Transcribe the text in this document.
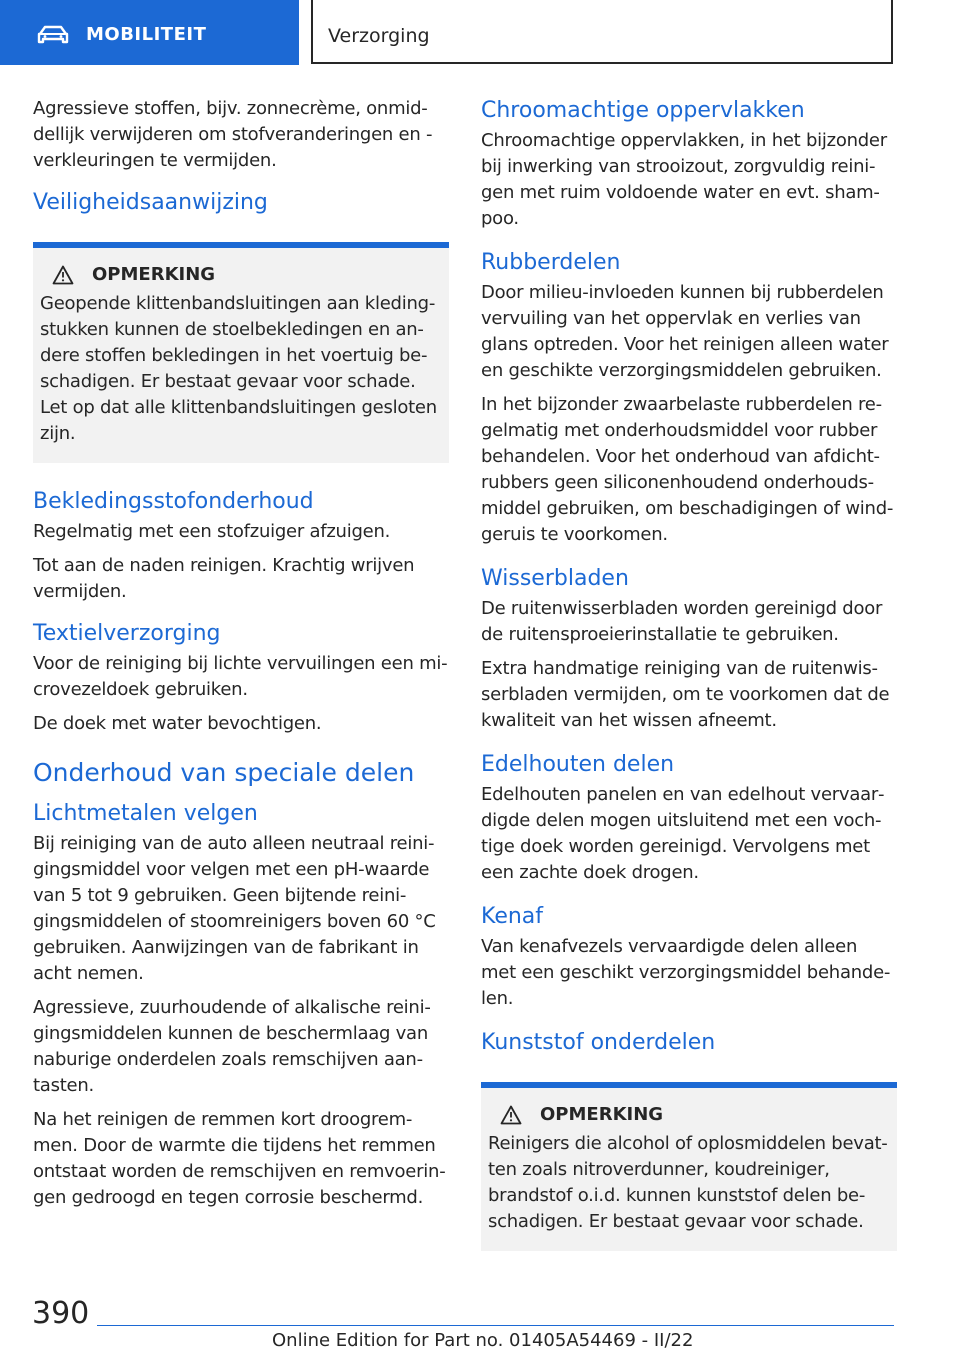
MOBILITEIT	Verzorging

Agressieve stoffen, bijv. zonnecrème, onmid‐dellijk verwijderen om stofveranderingen en -verkleuringen te vermijden.

Veiligheidsaanwijzing
OPMERKING

Geopende klittenbandsluitingen aan kleding‐stukken kunnen de stoelbekledingen en an‐dere stoffen bekledingen in het voertuig be‐schadigen. Er bestaat gevaar voor schade. Let op dat alle klittenbandsluitingen gesloten zijn.

Bekledingsstofonderhoud

Regelmatig met een stofzuiger afzuigen.

Tot aan de naden reinigen. Krachtig wrijven vermijden.

Textielverzorging

Voor de reiniging bij lichte vervuilingen een mi‐crovezeldoek gebruiken.

De doek met water bevochtigen.

Onderhoud van speciale delen
Lichtmetalen velgen

Bij reiniging van de auto alleen neutraal reini‐gingsmiddel voor velgen met een pH-waarde van 5 tot 9 gebruiken. Geen bijtende reini‐gingsmiddelen of stoomreinigers boven 60 °C gebruiken. Aanwijzingen van de fabrikant in acht nemen.

Agressieve, zuurhoudende of alkalische reini‐gingsmiddelen kunnen de beschermlaag van naburige onderdelen zoals remschijven aan‐tasten.

Na het reinigen de remmen kort droogrem‐men. Door de warmte die tijdens het remmen ontstaat worden de remschijven en remvoerin‐gen gedroogd en tegen corrosie beschermd.

Chroomachtige oppervlakken

Chroomachtige oppervlakken, in het bijzonder bij inwerking van strooizout, zorgvuldig reini‐gen met ruim voldoende water en evt. sham‐poo.

Rubberdelen

Door milieu-invloeden kunnen bij rubberdelen vervuiling van het oppervlak en verlies van glans optreden. Voor het reinigen alleen water en geschikte verzorgingsmiddelen gebruiken.

In het bijzonder zwaarbelaste rubberdelen re‐gelmatig met onderhoudsmiddel voor rubber behandelen. Voor het onderhoud van afdicht‐rubbers geen siliconenhoudend onderhouds‐middel gebruiken, om beschadigingen of wind‐geruis te voorkomen.

Wisserbladen

De ruitenwisserbladen worden gereinigd door de ruitensproeierinstallatie te gebruiken.

Extra handmatige reiniging van de ruitenwis‐serbladen vermijden, om te voorkomen dat de kwaliteit van het wissen afneemt.

Edelhouten delen

Edelhouten panelen en van edelhout vervaar‐digde delen mogen uitsluitend met een voch‐tige doek worden gereinigd. Vervolgens met een zachte doek drogen.

Kenaf

Van kenafvezels vervaardigde delen alleen met een geschikt verzorgingsmiddel behande‐len.

Kunststof onderdelen
OPMERKING

Reinigers die alcohol of oplosmiddelen bevat‐ten zoals nitroverdunner, koudreiniger, brandstof o.i.d. kunnen kunststof delen be‐schadigen. Er bestaat gevaar voor schade.

390
Online Edition for Part no. 01405A54469 - II/22
